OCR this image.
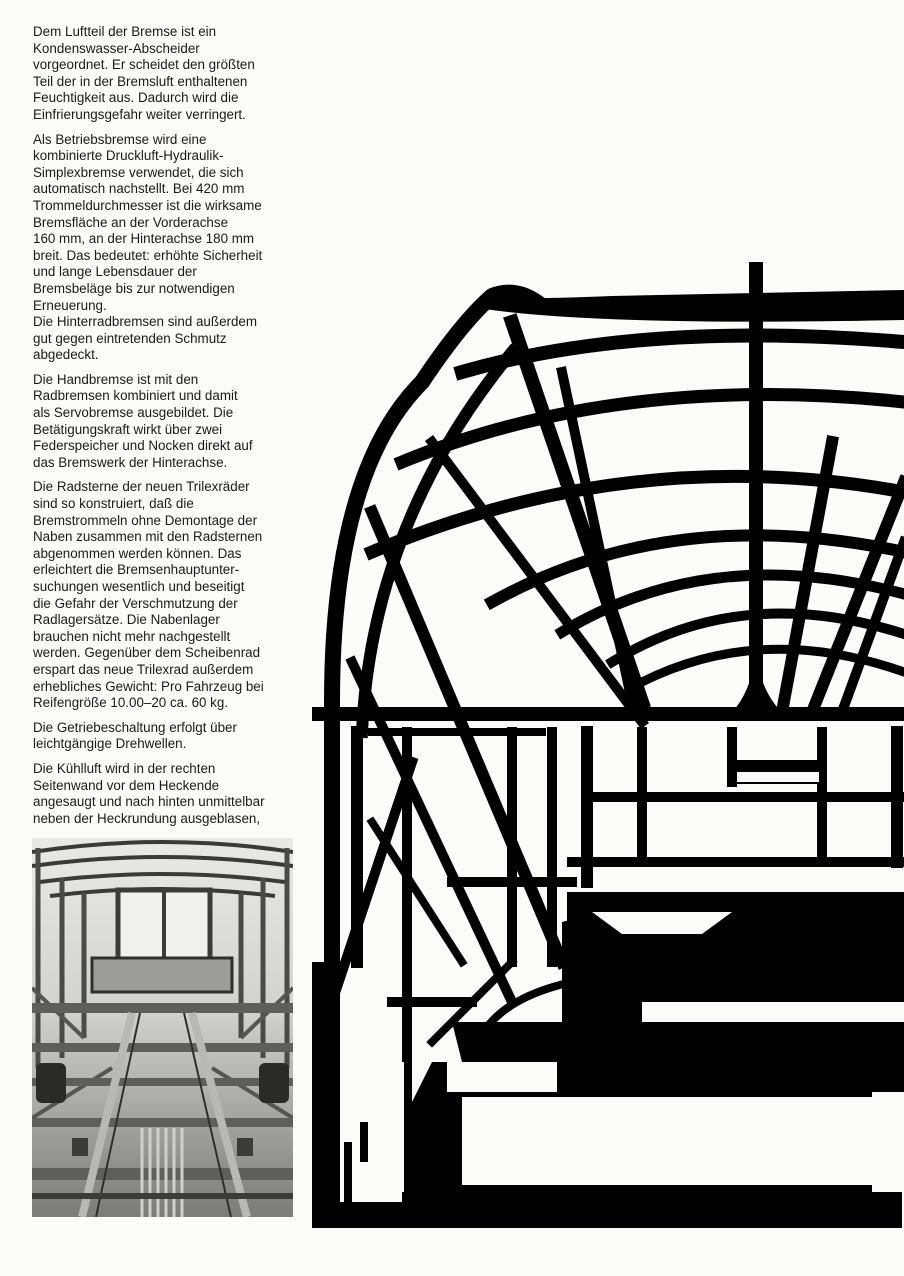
Dem Luftteil der Bremse ist ein
Kondenswasser-Abscheider
vorgeordnet. Er scheidet den größten
Teil der in der Bremsluft enthaltenen
Feuchtigkeit aus. Dadurch wird die
Einfrierungsgefahr weiter verringert.

Als Betriebsbremse wird eine
kombinierte Druckluft-Hydraulik-
Simplexbremse verwendet, die sich
automatisch nachstellt. Bei 420 mm
Trommeldurchmesser ist die wirksame
Bremsfläche an der Vorderachse
160 mm, an der Hinterachse 180 mm
breit. Das bedeutet: erhöhte Sicherheit
und lange Lebensdauer der
Bremsbeläge bis zur notwendigen
Erneuerung.
Die Hinterradbremsen sind außerdem
gut gegen eintretenden Schmutz
abgedeckt.

Die Handbremse ist mit den
Radbremsen kombiniert und damit
als Servobremse ausgebildet. Die
Betätigungskraft wirkt über zwei
Federspeicher und Nocken direkt auf
das Bremswerk der Hinterachse.

Die Radsterne der neuen Trilexräder
sind so konstruiert, daß die
Bremstrommeln ohne Demontage der
Naben zusammen mit den Radsternen
abgenommen werden können. Das
erleichtert die Bremsenhauptunter-
suchungen wesentlich und beseitigt
die Gefahr der Verschmutzung der
Radlagersätze. Die Nabenlager
brauchen nicht mehr nachgestellt
werden. Gegenüber dem Scheibenrad
erspart das neue Trilexrad außerdem
erhebliches Gewicht: Pro Fahrzeug bei
Reifengröße 10.00–20 ca. 60 kg.

Die Getriebeschaltung erfolgt über
leichtgängige Drehwellen.

Die Kühlluft wird in der rechten
Seitenwand vor dem Heckende
angesaugt und nach hinten unmittelbar
neben der Heckrundung ausgeblasen,
